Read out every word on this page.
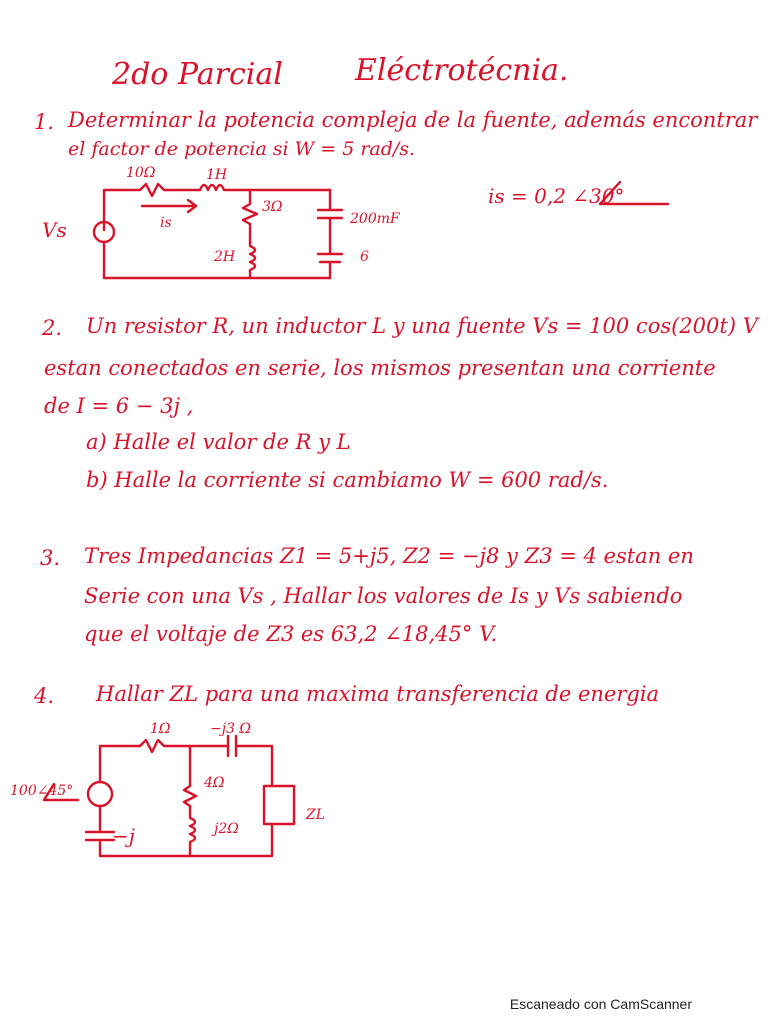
2do Parcial Eléctrotécnia.
1. Determinar la potencia compleja de la fuente, además encontrar
el factor de potencia si W = 5 rad/s.
is = 0,2 ∠30°
10Ω	1H
3Ω
200mF
2H	6
Vs	is
2. Un resistor R, un inductor L y una fuente Vs = 100 cos(200t) V
estan conectados en serie, los mismos presentan una corriente
de I = 6 − 3j ,
a) Halle el valor de R y L
b) Halle la corriente si cambiamo W = 600 rad/s.
3. Tres Impedancias Z1 = 5+j5, Z2 = −j8 y Z3 = 4 estan en
Serie con una Vs , Hallar los valores de Is y Vs sabiendo
que el voltaje de Z3 es 63,2 ∠18,45° V.
4. Hallar ZL para una maxima transferencia de energia
1Ω	−j3 Ω
100∠45°	4Ω
j2Ω
ZL
−j
Escaneado con CamScanner
